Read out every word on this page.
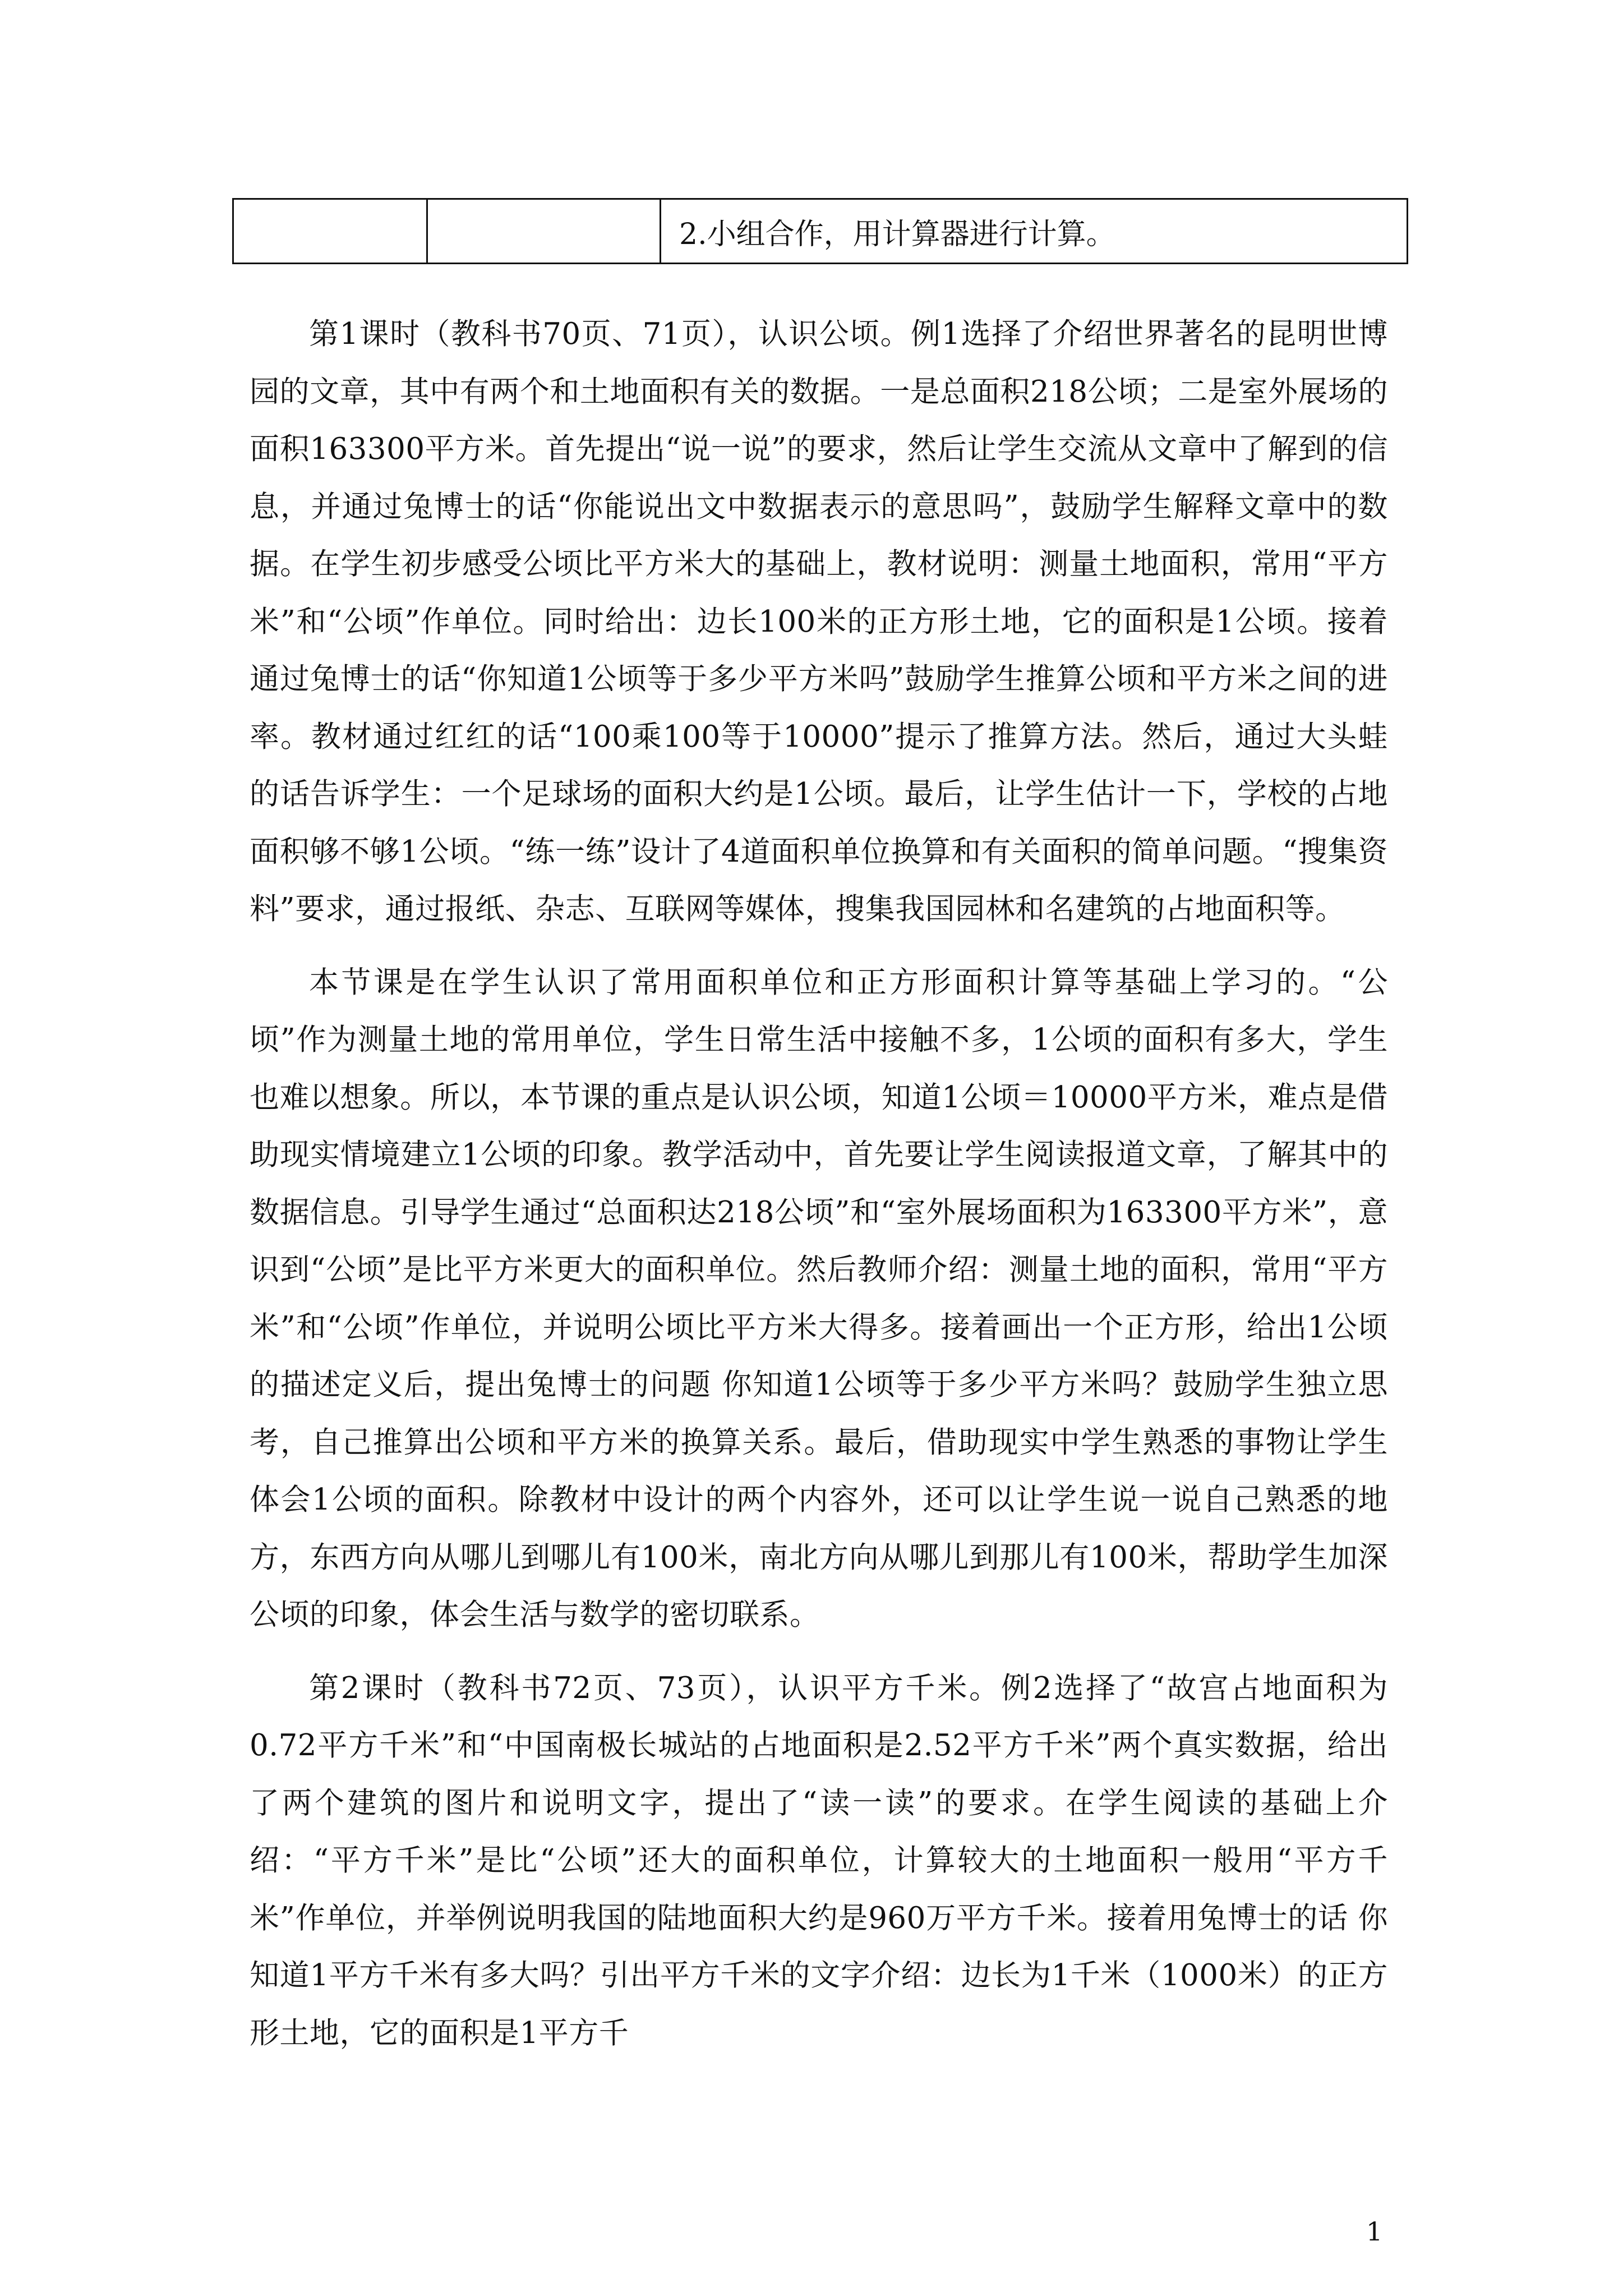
		2.小组合作，用计算器进行计算。

第1课时（教科书70页、71页），认识公顷。例1选择了介绍世界著名的昆明世博园的文章，其中有两个和土地面积有关的数据。一是总面积218公顷；二是室外展场的面积163300平方米。首先提出“说一说”的要求，然后让学生交流从文章中了解到的信息，并通过兔博士的话“你能说出文中数据表示的意思吗”，鼓励学生解释文章中的数据。在学生初步感受公顷比平方米大的基础上，教材说明：测量土地面积，常用“平方米”和“公顷”作单位。同时给出：边长100米的正方形土地，它的面积是1公顷。接着通过兔博士的话“你知道1公顷等于多少平方米吗”鼓励学生推算公顷和平方米之间的进率。教材通过红红的话“100乘100等于10000”提示了推算方法。然后，通过大头蛙的话告诉学生：一个足球场的面积大约是1公顷。最后，让学生估计一下，学校的占地面积够不够1公顷。“练一练”设计了4道面积单位换算和有关面积的简单问题。“搜集资料”要求，通过报纸、杂志、互联网等媒体，搜集我国园林和名建筑的占地面积等。

本节课是在学生认识了常用面积单位和正方形面积计算等基础上学习的。“公顷”作为测量土地的常用单位，学生日常生活中接触不多，1公顷的面积有多大，学生也难以想象。所以，本节课的重点是认识公顷，知道1公顷＝10000平方米，难点是借助现实情境建立1公顷的印象。教学活动中，首先要让学生阅读报道文章，了解其中的数据信息。引导学生通过“总面积达218公顷”和“室外展场面积为163300平方米”，意识到“公顷”是比平方米更大的面积单位。然后教师介绍：测量土地的面积，常用“平方米”和“公顷”作单位，并说明公顷比平方米大得多。接着画出一个正方形，给出1公顷的描述定义后，提出兔博士的问题 你知道1公顷等于多少平方米吗？鼓励学生独立思考，自己推算出公顷和平方米的换算关系。最后，借助现实中学生熟悉的事物让学生体会1公顷的面积。除教材中设计的两个内容外，还可以让学生说一说自己熟悉的地方，东西方向从哪儿到哪儿有100米，南北方向从哪儿到那儿有100米，帮助学生加深公顷的印象，体会生活与数学的密切联系。

第2课时（教科书72页、73页），认识平方千米。例2选择了“故宫占地面积为0.72平方千米”和“中国南极长城站的占地面积是2.52平方千米”两个真实数据，给出了两个建筑的图片和说明文字，提出了“读一读”的要求。在学生阅读的基础上介绍：“平方千米”是比“公顷”还大的面积单位，计算较大的土地面积一般用“平方千米”作单位，并举例说明我国的陆地面积大约是960万平方千米。接着用兔博士的话 你知道1平方千米有多大吗？引出平方千米的文字介绍：边长为1千米（1000米）的正方形土地，它的面积是1平方千

1
